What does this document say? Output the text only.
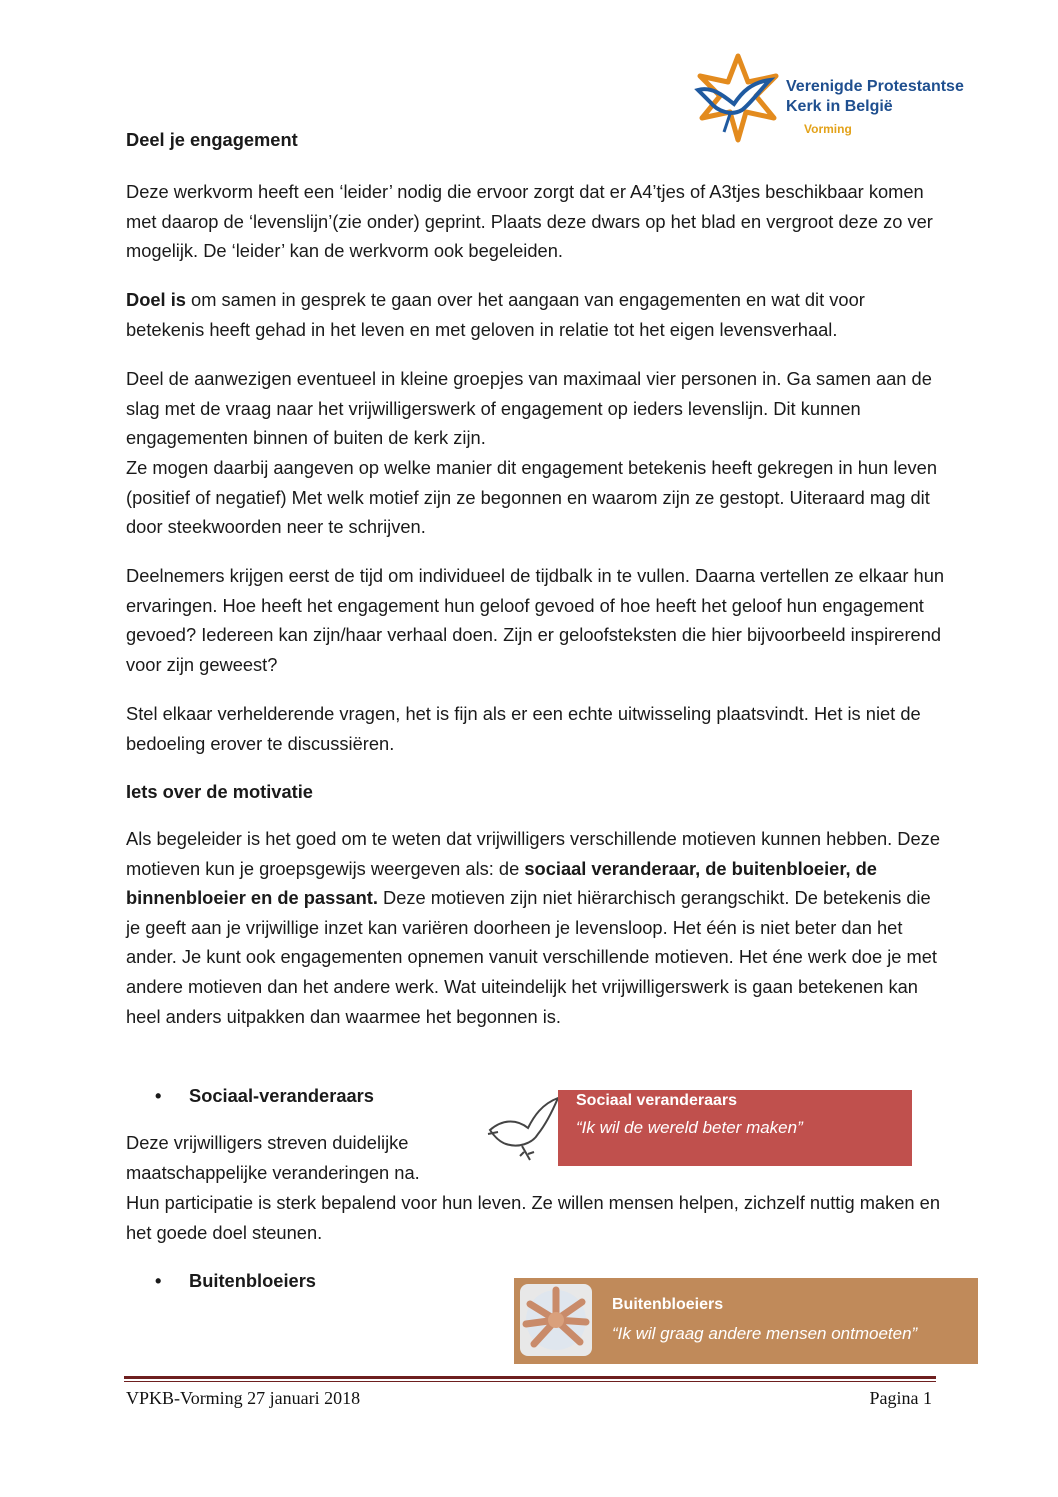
Verenigde Protestantse
Kerk in België
Vorming
Deel je engagement

Deze werkvorm heeft een ‘leider’ nodig die ervoor zorgt dat er A4’tjes of A3tjes beschikbaar komen met daarop de ‘levenslijn’(zie onder) geprint. Plaats deze dwars op het blad en vergroot deze zo ver mogelijk. De ‘leider’ kan de werkvorm ook begeleiden.

Doel is om samen in gesprek te gaan over het aangaan van engagementen en wat dit voor betekenis heeft gehad in het leven en met geloven in relatie tot het eigen levensverhaal.

Deel de aanwezigen eventueel in kleine groepjes van maximaal vier personen in. Ga samen aan de slag met de vraag naar het vrijwilligerswerk of engagement op ieders levenslijn. Dit kunnen engagementen binnen of buiten de kerk zijn.

Ze mogen daarbij aangeven op welke manier dit engagement betekenis heeft gekregen in hun leven (positief of negatief) Met welk motief zijn ze begonnen en waarom zijn ze gestopt. Uiteraard mag dit door steekwoorden neer te schrijven.

Deelnemers krijgen eerst de tijd om individueel de tijdbalk in te vullen. Daarna vertellen ze elkaar hun ervaringen. Hoe heeft het engagement hun geloof gevoed of hoe heeft het geloof hun engagement gevoed? Iedereen kan zijn/haar verhaal doen. Zijn er geloofsteksten die hier bijvoorbeeld inspirerend voor zijn geweest?

Stel elkaar verhelderende vragen, het is fijn als er een echte uitwisseling plaatsvindt. Het is niet de bedoeling erover te discussiëren.

Iets over de motivatie

Als begeleider is het goed om te weten dat vrijwilligers verschillende motieven kunnen hebben. Deze motieven kun je groepsgewijs weergeven als: de sociaal veranderaar, de buitenbloeier, de binnenbloeier en de passant. Deze motieven zijn niet hiërarchisch gerangschikt. De betekenis die je geeft aan je vrijwillige inzet kan variëren doorheen je levensloop. Het één is niet beter dan het ander. Je kunt ook engagementen opnemen vanuit verschillende motieven. Het éne werk doe je met andere motieven dan het andere werk. Wat uiteindelijk het vrijwilligerswerk is gaan betekenen kan heel anders uitpakken dan waarmee het begonnen is.

• Sociaal-veranderaars	Sociaal veranderaars
“Ik wil de wereld beter maken”

Deze vrijwilligers streven duidelijke maatschappelijke veranderingen na.

Hun participatie is sterk bepalend voor hun leven. Ze willen mensen helpen, zichzelf nuttig maken en het goede doel steunen.

• Buitenbloeiers
Buitenbloeiers
“Ik wil graag andere mensen ontmoeten”
VPKB-Vorming 27 januari 2018	Pagina 1
